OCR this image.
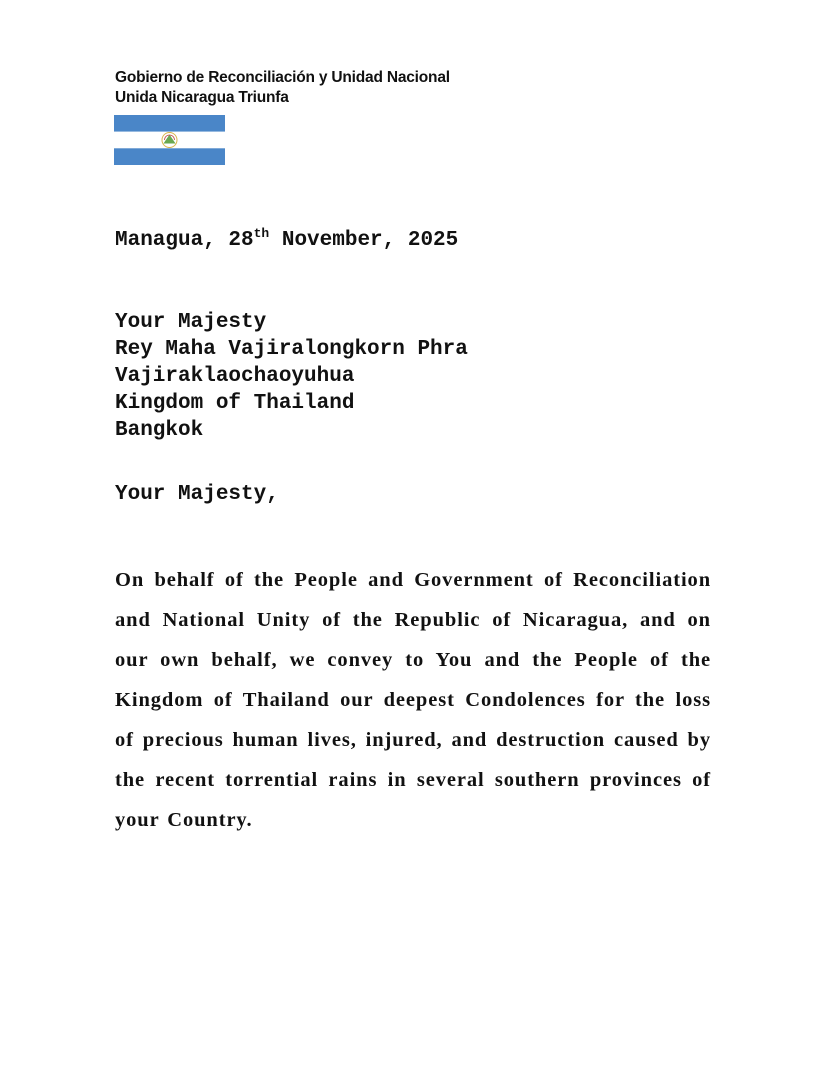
Gobierno de Reconciliación y Unidad Nacional
Unida Nicaragua Triunfa
Managua, 28th November, 2025
Your Majesty
Rey Maha Vajiralongkorn Phra
Vajiraklaochaoyuhua
Kingdom of Thailand
Bangkok
Your Majesty,
On behalf of the People and Government of Reconciliation and National Unity of the Republic of Nicaragua, and on our own behalf, we convey to You and the People of the Kingdom of Thailand our deepest Condolences for the loss of precious human lives, injured, and destruction caused by the recent torrential rains in several southern provinces of your Country.
